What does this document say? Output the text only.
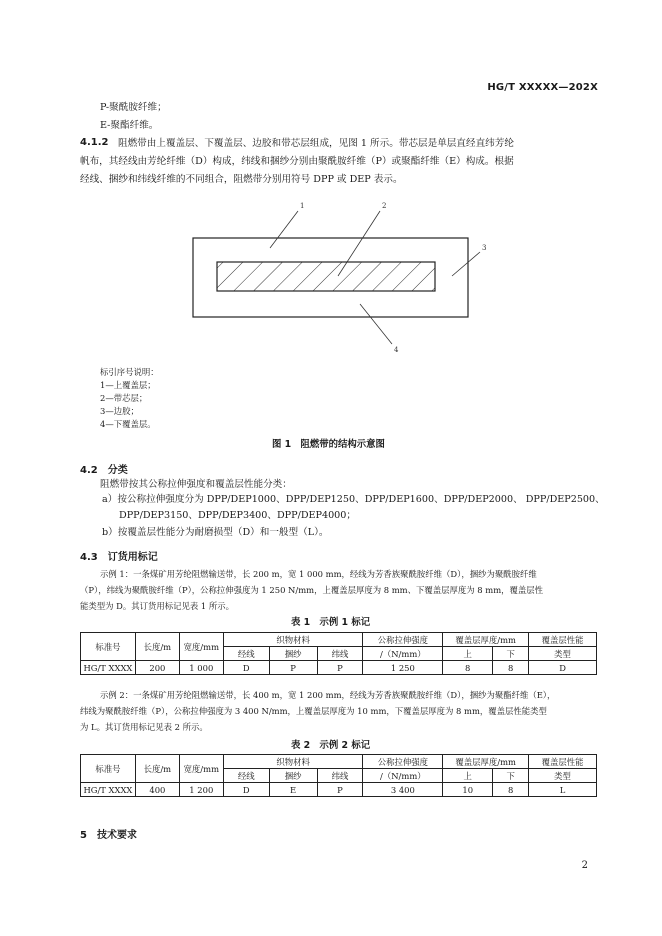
HG/T XXXXX—202X
P-聚酰胺纤维；
E-聚酯纤维。
4.1.2 阻燃带由上覆盖层、下覆盖层、边胶和带芯层组成，见图 1 所示。带芯层是单层直经直纬芳纶
帆布，其经线由芳纶纤维（D）构成，纬线和捆纱分别由聚酰胺纤维（P）或聚酯纤维（E）构成。根据
经线、捆纱和纬线纤维的不同组合，阻燃带分别用符号 DPP 或 DEP 表示。
1	2
3
4
标引序号说明：
1—上覆盖层；
2—带芯层；
3—边胶；
4—下覆盖层。
图 1　阻燃带的结构示意图
4.2　分类
阻燃带按其公称拉伸强度和覆盖层性能分类：
a）按公称拉伸强度分为 DPP/DEP1000、DPP/DEP1250、DPP/DEP1600、DPP/DEP2000、 DPP/DEP2500、
DPP/DEP3150、DPP/DEP3400、DPP/DEP4000；
b）按覆盖层性能分为耐磨损型（D）和一般型（L）。
4.3　订货用标记
示例 1：一条煤矿用芳纶阻燃输送带，长 200 m，宽 1 000 mm，经线为芳香族聚酰胺纤维（D），捆纱为聚酰胺纤维
（P），纬线为聚酰胺纤维（P），公称拉伸强度为 1 250 N/mm，上覆盖层厚度为 8 mm、下覆盖层厚度为 8 mm，覆盖层性
能类型为 D。其订货用标记见表 1 所示。
表 1　示例 1 标记
标准号	长度/m	宽度/mm	织物材料			公称拉伸强度	覆盖层厚度/mm		覆盖层性能
			经线	捆纱	纬线	/（N/mm）	上	下	类型
HG/T XXXX	200	1 000	D	P	P	1 250	8	8	D
示例 2：一条煤矿用芳纶阻燃输送带，长 400 m，宽 1 200 mm，经线为芳香族聚酰胺纤维（D），捆纱为聚酯纤维（E），
纬线为聚酰胺纤维（P），公称拉伸强度为 3 400 N/mm，上覆盖层厚度为 10 mm，下覆盖层厚度为 8 mm，覆盖层性能类型
为 L。其订货用标记见表 2 所示。
表 2　示例 2 标记
标准号	长度/m	宽度/mm	织物材料			公称拉伸强度	覆盖层厚度/mm		覆盖层性能
			经线	捆纱	纬线	/（N/mm）	上	下	类型
HG/T XXXX	400	1 200	D	E	P	3 400	10	8	L
5　技术要求
2
